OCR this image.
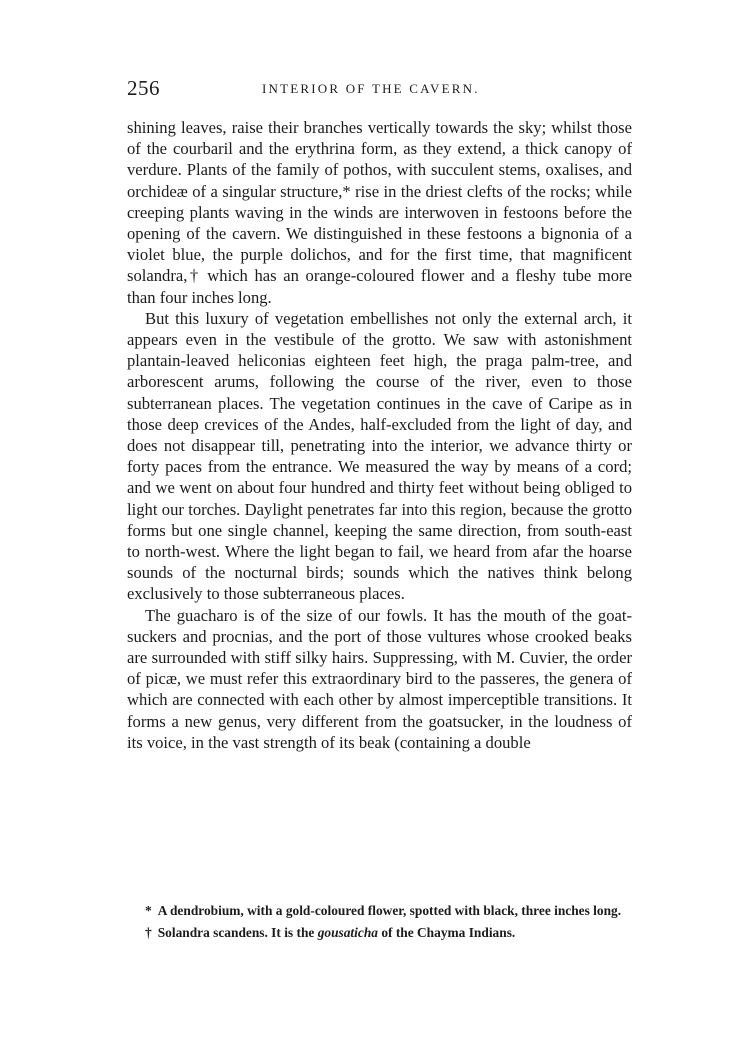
256	INTERIOR OF THE CAVERN.

shining leaves, raise their branches vertically towards the sky; whilst those of the courbaril and the erythrina form, as they extend, a thick canopy of verdure. Plants of the family of pothos, with succulent stems, oxalises, and orchideæ of a singular structure,* rise in the driest clefts of the rocks; while creeping plants waving in the winds are interwoven in festoons before the opening of the cavern. We distinguished in these festoons a bignonia of a violet blue, the purple dolichos, and for the first time, that magnificent solandra,† which has an orange-coloured flower and a fleshy tube more than four inches long.

But this luxury of vegetation embellishes not only the external arch, it appears even in the vestibule of the grotto. We saw with astonishment plantain-leaved heliconias eighteen feet high, the praga palm-tree, and arborescent arums, following the course of the river, even to those subterranean places. The vegetation continues in the cave of Caripe as in those deep crevices of the Andes, half-excluded from the light of day, and does not disappear till, penetrating into the interior, we advance thirty or forty paces from the entrance. We measured the way by means of a cord; and we went on about four hundred and thirty feet without being obliged to light our torches. Daylight penetrates far into this region, because the grotto forms but one single channel, keeping the same direction, from south-east to north-west. Where the light began to fail, we heard from afar the hoarse sounds of the nocturnal birds; sounds which the natives think belong exclusively to those subterraneous places.

The guacharo is of the size of our fowls. It has the mouth of the goat-suckers and procnias, and the port of those vultures whose crooked beaks are surrounded with stiff silky hairs. Suppressing, with M. Cuvier, the order of picæ, we must refer this extraordinary bird to the passeres, the genera of which are connected with each other by almost imperceptible transitions. It forms a new genus, very different from the goatsucker, in the loudness of its voice, in the vast strength of its beak (containing a double

* A dendrobium, with a gold-coloured flower, spotted with black, three inches long.

† Solandra scandens. It is the gousaticha of the Chayma Indians.
